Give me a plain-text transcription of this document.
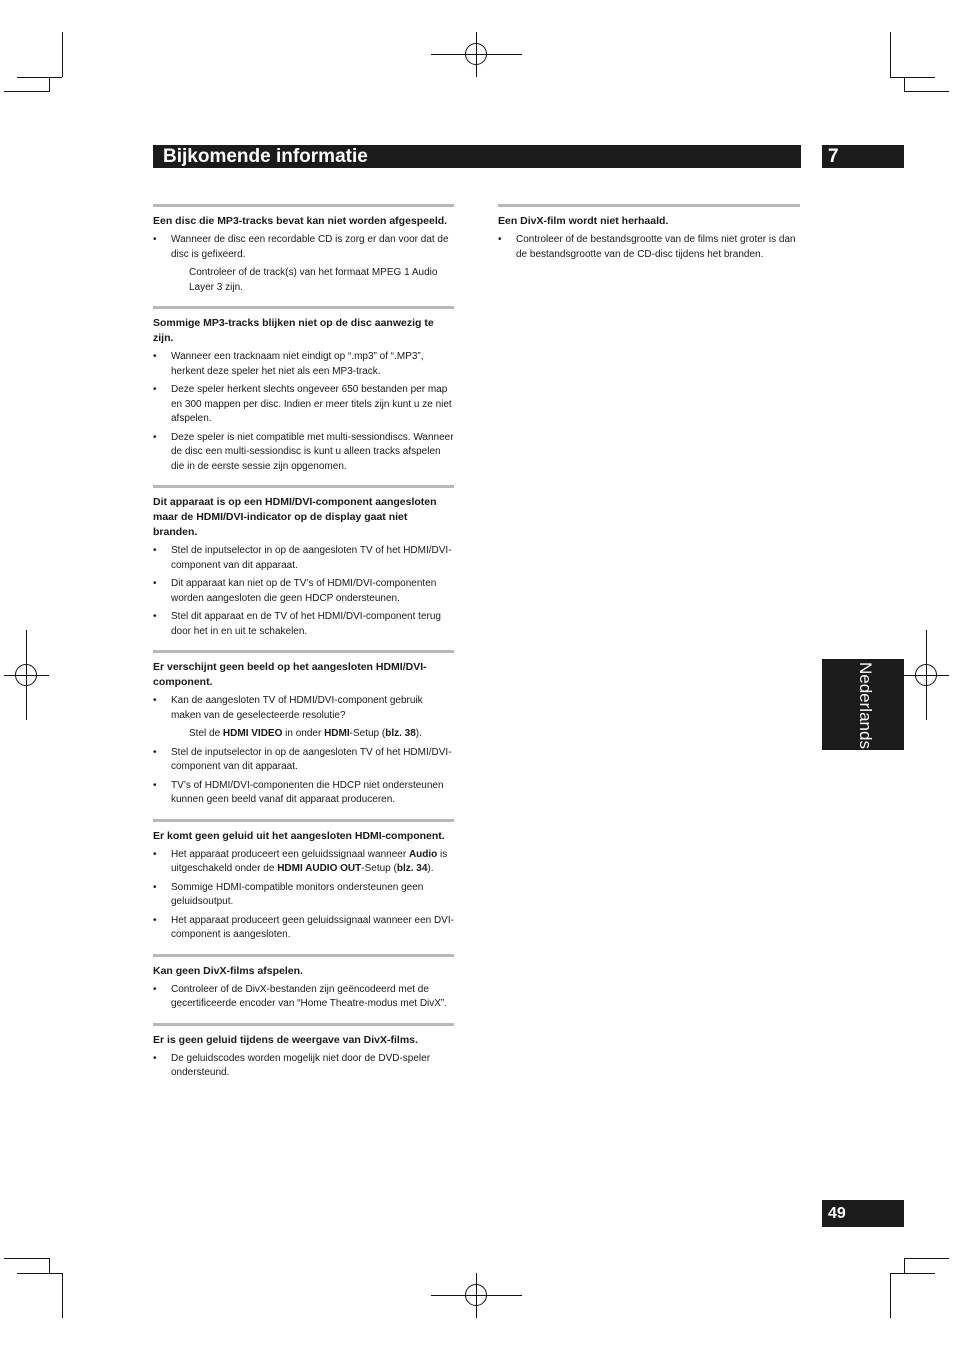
Bijkomende informatie	7
Nederlands
49
Een disc die MP3-tracks bevat kan niet worden afgespeeld.
• Wanneer de disc een recordable CD is zorg er dan voor dat de disc is gefixeerd.
Controleer of de track(s) van het formaat MPEG 1 Audio Layer 3 zijn.
Sommige MP3-tracks blijken niet op de disc aanwezig te zijn.
• Wanneer een tracknaam niet eindigt op “.mp3” of “.MP3”, herkent deze speler het niet als een MP3-track.
• Deze speler herkent slechts ongeveer 650 bestanden per map en 300 mappen per disc. Indien er meer titels zijn kunt u ze niet afspelen.
• Deze speler is niet compatible met multi-sessiondiscs. Wanneer de disc een multi-sessiondisc is kunt u alleen tracks afspelen die in de eerste sessie zijn opgenomen.
Dit apparaat is op een HDMI/DVI-component aangesloten maar de HDMI/DVI-indicator op de display gaat niet branden.
• Stel de inputselector in op de aangesloten TV of het HDMI/DVI-component van dit apparaat.
• Dit apparaat kan niet op de TV’s of HDMI/DVI-componenten worden aangesloten die geen HDCP ondersteunen.
• Stel dit apparaat en de TV of het HDMI/DVI-component terug door het in en uit te schakelen.
Er verschijnt geen beeld op het aangesloten HDMI/DVI-component.
• Kan de aangesloten TV of HDMI/DVI-component gebruik maken van de geselecteerde resolutie?
Stel de HDMI VIDEO in onder HDMI-Setup (blz. 38).
• Stel de inputselector in op de aangesloten TV of het HDMI/DVI-component van dit apparaat.
• TV’s of HDMI/DVI-componenten die HDCP niet ondersteunen kunnen geen beeld vanaf dit apparaat produceren.
Er komt geen geluid uit het aangesloten HDMI-component.
• Het apparaat produceert een geluidssignaal wanneer Audio is uitgeschakeld onder de HDMI AUDIO OUT-Setup (blz. 34).
• Sommige HDMI-compatible monitors ondersteunen geen geluidsoutput.
• Het apparaat produceert geen geluidssignaal wanneer een DVI-component is aangesloten.
Kan geen DivX-films afspelen.
• Controleer of de DivX-bestanden zijn geëncodeerd met de gecertificeerde encoder van “Home Theatre-modus met DivX”.
Er is geen geluid tijdens de weergave van DivX-films.
• De geluidscodes worden mogelijk niet door de DVD-speler ondersteund.
Een DivX-film wordt niet herhaald.
• Controleer of de bestandsgrootte van de films niet groter is dan de bestandsgrootte van de CD-disc tijdens het branden.
